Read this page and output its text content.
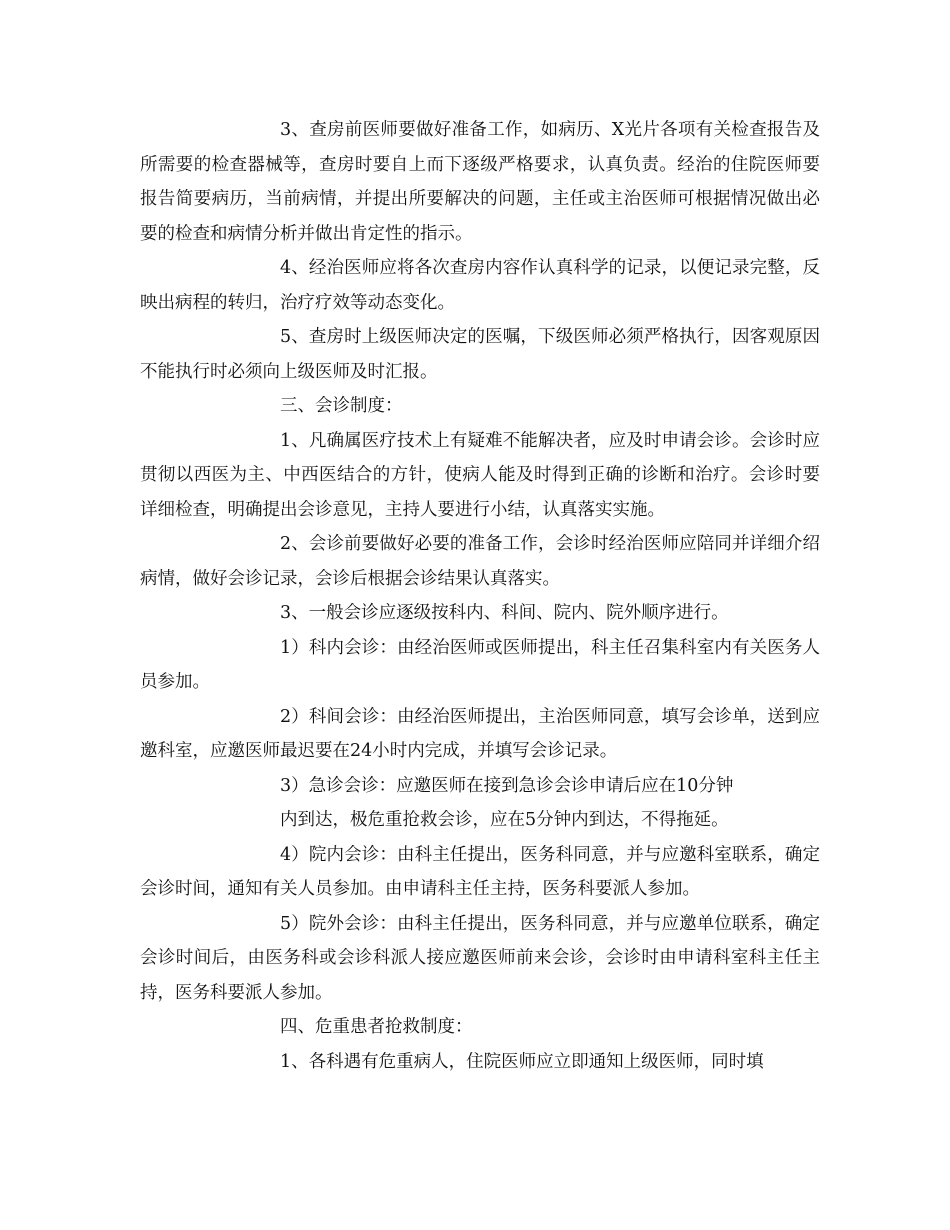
3、查房前医师要做好准备工作，如病历、X光片各项有关检查报告及所需要的检查器械等，查房时要自上而下逐级严格要求，认真负责。经治的住院医师要报告简要病历，当前病情，并提出所要解决的问题，主任或主治医师可根据情况做出必要的检查和病情分析并做出肯定性的指示。

4、经治医师应将各次查房内容作认真科学的记录，以便记录完整，反映出病程的转归，治疗疗效等动态变化。

5、查房时上级医师决定的医嘱，下级医师必须严格执行，因客观原因不能执行时必须向上级医师及时汇报。

三、会诊制度：

1、凡确属医疗技术上有疑难不能解决者，应及时申请会诊。会诊时应贯彻以西医为主、中西医结合的方针，使病人能及时得到正确的诊断和治疗。会诊时要详细检查，明确提出会诊意见，主持人要进行小结，认真落实实施。

2、会诊前要做好必要的准备工作，会诊时经治医师应陪同并详细介绍病情，做好会诊记录，会诊后根据会诊结果认真落实。

3、一般会诊应逐级按科内、科间、院内、院外顺序进行。

1）科内会诊：由经治医师或医师提出，科主任召集科室内有关医务人员参加。

2）科间会诊：由经治医师提出，主治医师同意，填写会诊单，送到应邀科室，应邀医师最迟要在24小时内完成，并填写会诊记录。

3）急诊会诊：应邀医师在接到急诊会诊申请后应在10分钟

内到达，极危重抢救会诊，应在5分钟内到达，不得拖延。

4）院内会诊：由科主任提出，医务科同意，并与应邀科室联系，确定会诊时间，通知有关人员参加。由申请科主任主持，医务科要派人参加。

5）院外会诊：由科主任提出，医务科同意，并与应邀单位联系，确定会诊时间后，由医务科或会诊科派人接应邀医师前来会诊，会诊时由申请科室科主任主持，医务科要派人参加。

四、危重患者抢救制度：

1、各科遇有危重病人，住院医师应立即通知上级医师，同时填
